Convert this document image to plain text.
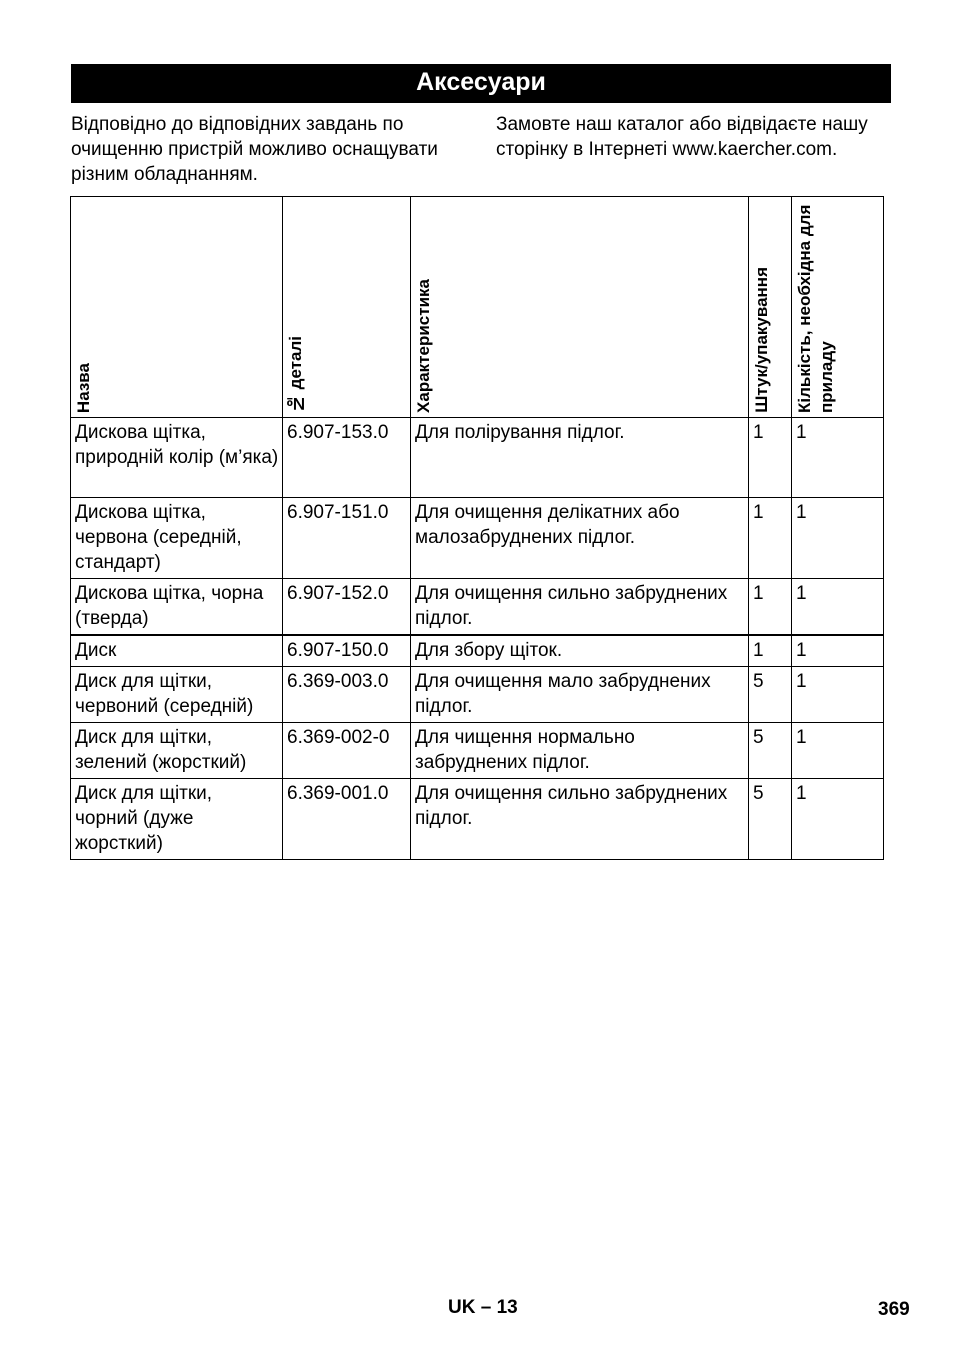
Аксесуари

Відповідно до відповідних завдань по очищенню пристрій можливо оснащувати різним обладнанням.

Замовте наш каталог або відвідаєте нашу сторінку в Інтернеті www.kaercher.com.

Назва	№ деталі	Характеристика	Штук/упакування	Кількість, необхідна для приладу

Дискова щітка, природній колір (м’яка)	6.907-153.0	Для полірування підлог.	1	1
Дискова щітка, червона (середній, стандарт)	6.907-151.0	Для очищення делікатних або малозабруднених підлог.	1	1
Дискова щітка, чорна (тверда)	6.907-152.0	Для очищення сильно забруднених підлог.	1	1
Диск	6.907-150.0	Для збору щіток.	1	1
Диск для щітки, червоний (середній)	6.369-003.0	Для очищення мало забруднених підлог.	5	1
Диск для щітки, зелений (жорсткий)	6.369-002-0	Для чищення нормально забруднених підлог.	5	1
Диск для щітки, чорний (дуже жорсткий)	6.369-001.0	Для очищення сильно забруднених підлог.	5	1
UK – 13	369
